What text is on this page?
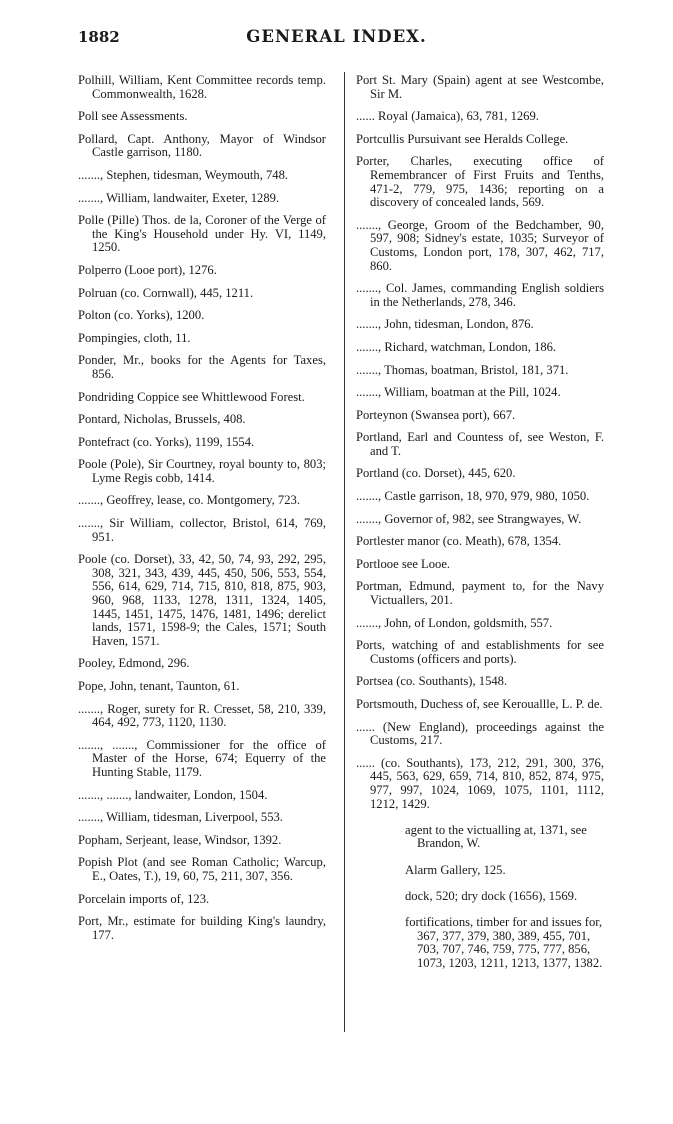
1882	GENERAL INDEX.

Polhill, William, Kent Committee records temp. Commonwealth, 1628.

Poll see Assessments.

Pollard, Capt. Anthony, Mayor of Windsor Castle garrison, 1180.

......., Stephen, tidesman, Weymouth, 748.

......., William, landwaiter, Exeter, 1289.

Polle (Pille) Thos. de la, Coroner of the Verge of the King's Household under Hy. VI, 1149, 1250.

Polperro (Looe port), 1276.

Polruan (co. Cornwall), 445, 1211.

Polton (co. Yorks), 1200.

Pompingies, cloth, 11.

Ponder, Mr., books for the Agents for Taxes, 856.

Pondriding Coppice see Whittlewood Forest.

Pontard, Nicholas, Brussels, 408.

Pontefract (co. Yorks), 1199, 1554.

Poole (Pole), Sir Courtney, royal bounty to, 803; Lyme Regis cobb, 1414.

......., Geoffrey, lease, co. Montgomery, 723.

......., Sir William, collector, Bristol, 614, 769, 951.

Poole (co. Dorset), 33, 42, 50, 74, 93, 292, 295, 308, 321, 343, 439, 445, 450, 506, 553, 554, 556, 614, 629, 714, 715, 810, 818, 875, 903, 960, 968, 1133, 1278, 1311, 1324, 1405, 1445, 1451, 1475, 1476, 1481, 1496; derelict lands, 1571, 1598-9; the Cales, 1571; South Haven, 1571.

Pooley, Edmond, 296.

Pope, John, tenant, Taunton, 61.

......., Roger, surety for R. Cresset, 58, 210, 339, 464, 492, 773, 1120, 1130.

......., ......., Commissioner for the office of Master of the Horse, 674; Equerry of the Hunting Stable, 1179.

......., ......., landwaiter, London, 1504.

......., William, tidesman, Liverpool, 553.

Popham, Serjeant, lease, Windsor, 1392.

Popish Plot (and see Roman Catholic; Warcup, E., Oates, T.), 19, 60, 75, 211, 307, 356.

Porcelain imports of, 123.

Port, Mr., estimate for building King's laundry, 177.

Port St. Mary (Spain) agent at see Westcombe, Sir M.

...... Royal (Jamaica), 63, 781, 1269.

Portcullis Pursuivant see Heralds College.

Porter, Charles, executing office of Remembrancer of First Fruits and Tenths, 471-2, 779, 975, 1436; reporting on a discovery of concealed lands, 569.

......., George, Groom of the Bedchamber, 90, 597, 908; Sidney's estate, 1035; Surveyor of Customs, London port, 178, 307, 462, 717, 860.

......., Col. James, commanding English soldiers in the Netherlands, 278, 346.

......., John, tidesman, London, 876.

......., Richard, watchman, London, 186.

......., Thomas, boatman, Bristol, 181, 371.

......., William, boatman at the Pill, 1024.

Porteynon (Swansea port), 667.

Portland, Earl and Countess of, see Weston, F. and T.

Portland (co. Dorset), 445, 620.

......., Castle garrison, 18, 970, 979, 980, 1050.

......., Governor of, 982, see Strangwayes, W.

Portlester manor (co. Meath), 678, 1354.

Portlooe see Looe.

Portman, Edmund, payment to, for the Navy Victuallers, 201.

......., John, of London, goldsmith, 557.

Ports, watching of and establishments for see Customs (officers and ports).

Portsea (co. Southants), 1548.

Portsmouth, Duchess of, see Kerouallle, L. P. de.

...... (New England), proceedings against the Customs, 217.

...... (co. Southants), 173, 212, 291, 300, 376, 445, 563, 629, 659, 714, 810, 852, 874, 975, 977, 997, 1024, 1069, 1075, 1101, 1112, 1212, 1429.

agent to the victualling at, 1371, see Brandon, W.

Alarm Gallery, 125.

dock, 520; dry dock (1656), 1569.

fortifications, timber for and issues for, 367, 377, 379, 380, 389, 455, 701, 703, 707, 746, 759, 775, 777, 856, 1073, 1203, 1211, 1213, 1377, 1382.
